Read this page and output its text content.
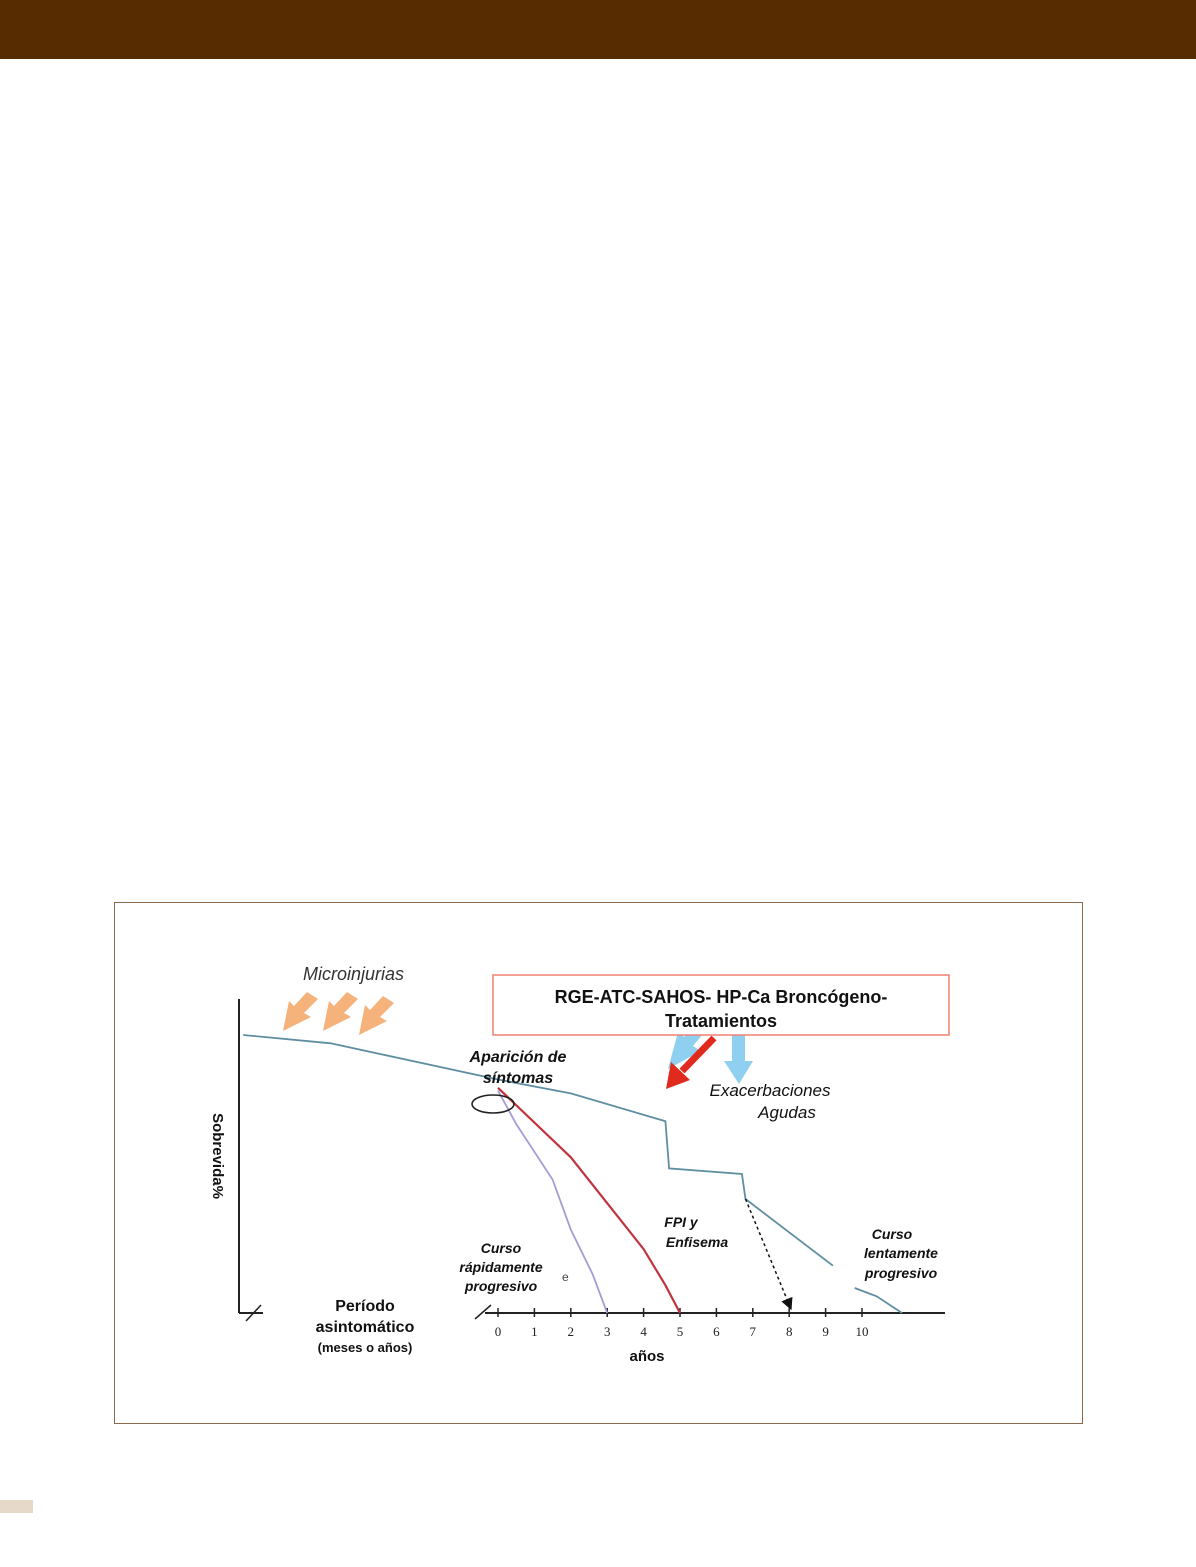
0 1 2 3 4 5 6 7 8 9 10
Sobrevida%
años
Período
asintomático
(meses o años)
RGE-ATC-SAHOS- HP-Ca Broncógeno-
Tratamientos
Microinjurias
Aparición de
síntomas
Exacerbaciones
Agudas
FPI y
Enfisema
Curso
rápidamente
progresivo
e
Curso
lentamente
progresivo
